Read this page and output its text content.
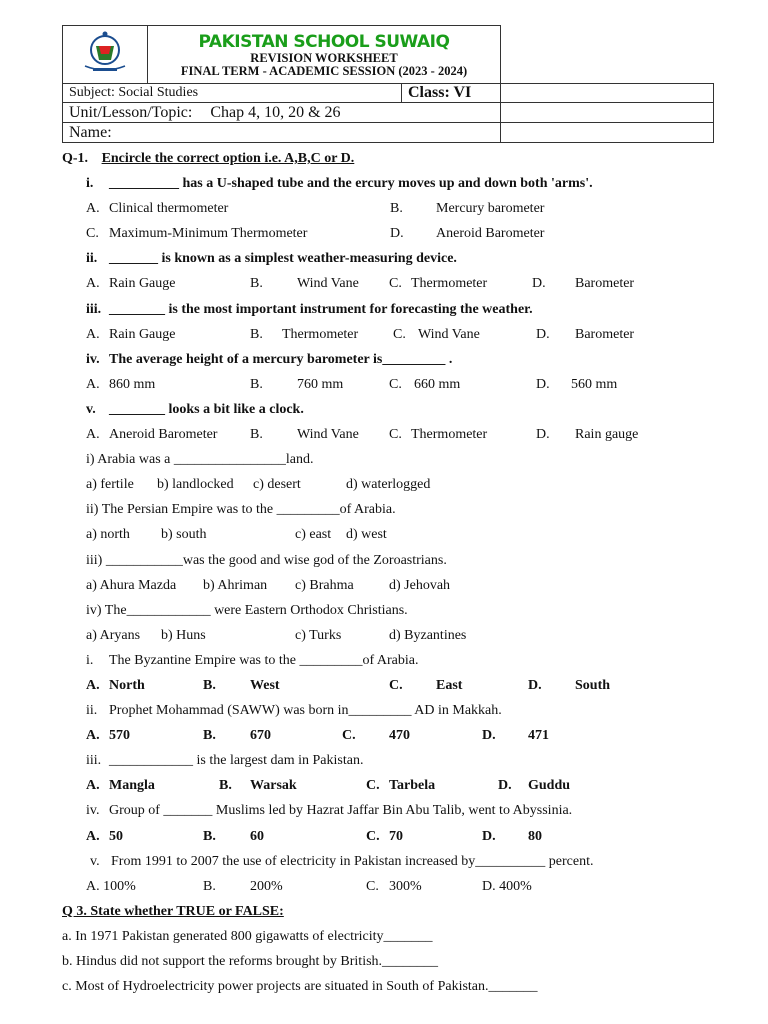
PAKISTAN SCHOOL SUWAIQ
REVISION WORKSHEET
FINAL TERM - ACADEMIC SESSION (2023 - 2024)		

Subject: Social Studies		Class: VI	
Unit/Lesson/Topic: Chap 4, 10, 20 & 26			
Name:			
Q-1. Encircle the correct option i.e. A,B,C or D.
i. __________ has a U-shaped tube and the ercury moves up and down both 'arms'.
A. Clinical thermometer	B. Mercury barometer
C. Maximum-Minimum Thermometer	D. Aneroid Barometer
ii. _______ is known as a simplest weather-measuring device.
A. Rain Gauge	B. Wind Vane C. Thermometer	D. Barometer
iii. ________ is the most important instrument for forecasting the weather.
A. Rain Gauge	B. Thermometer C. Wind Vane	D. Barometer
iv. The average height of a mercury barometer is_________ .
A. 860 mm	B. 760 mm	C. 660 mm	D. 560 mm
v. ________ looks a bit like a clock.
A. Aneroid Barometer B. Wind Vane C. Thermometer	D. Rain gauge
i) Arabia was a ________________land.
a) fertile b) landlocked c) desert	d) waterlogged
ii) The Persian Empire was to the _________of Arabia.
a) north b) south	c) east d) west
iii) ___________was the good and wise god of the Zoroastrians.
a) Ahura Mazda b) Ahriman c) Brahma	d) Jehovah
iv) The____________ were Eastern Orthodox Christians.
a) Aryans b) Huns	c) Turks	d) Byzantines
i. The Byzantine Empire was to the _________of Arabia.
A. North	B. West	C. East	D. South
ii. Prophet Mohammad (SAWW) was born in_________ AD in Makkah.
A. 570	B. 670	C. 470	D. 471
iii. ____________ is the largest dam in Pakistan.
A. Mangla	B. Warsak	C. Tarbela	D. Guddu
iv. Group of _______ Muslims led by Hazrat Jaffar Bin Abu Talib, went to Abyssinia.
A. 50	B. 60	C. 70	D. 80
v. From 1991 to 2007 the use of electricity in Pakistan increased by__________ percent.
A. 100%	B. 200%	C. 300%	D. 400%
Q 3. State whether TRUE or FALSE:
a. In 1971 Pakistan generated 800 gigawatts of electricity_______
b. Hindus did not support the reforms brought by British.________
c. Most of Hydroelectricity power projects are situated in South of Pakistan._______
